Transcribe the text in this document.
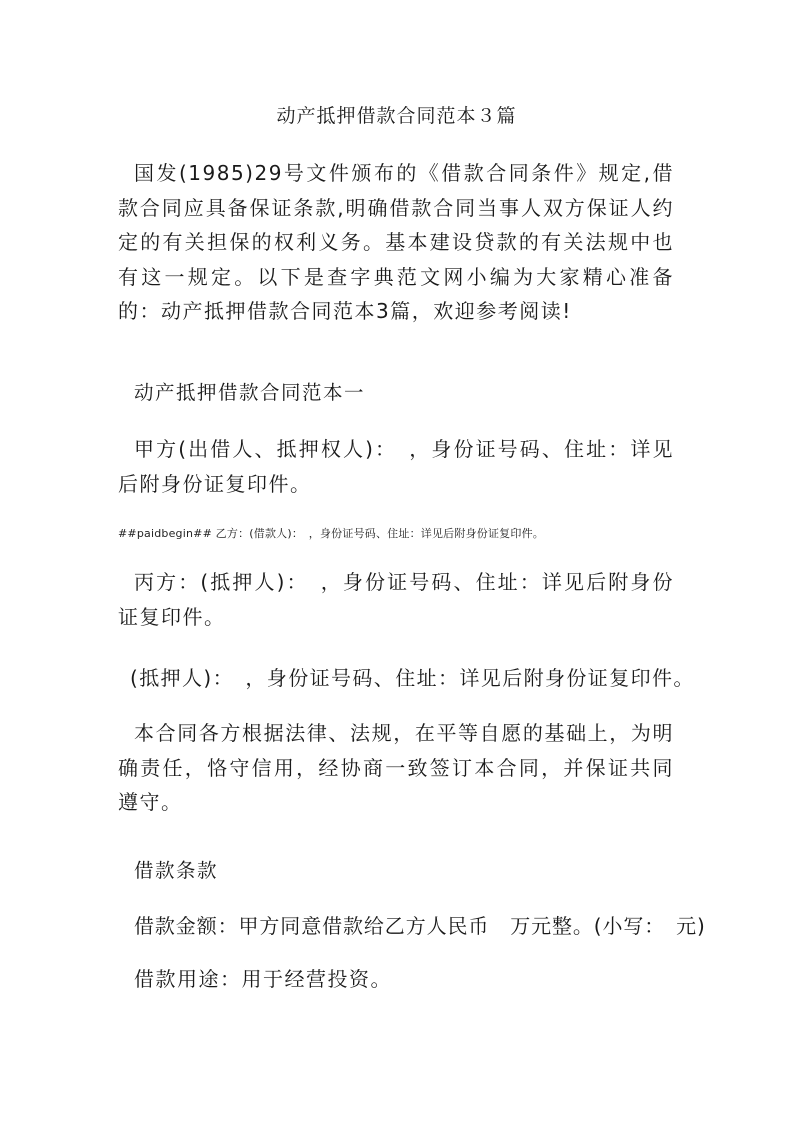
动产抵押借款合同范本３篇
国发(1985)29号文件颁布的《借款合同条件》规定,借款合同应具备保证条款,明确借款合同当事人双方保证人约定的有关担保的权利义务。基本建设贷款的有关法规中也有这一规定。以下是查字典范文网小编为大家精心准备的：动产抵押借款合同范本3篇，欢迎参考阅读!
动产抵押借款合同范本一
甲方(出借人、抵押权人)：　，身份证号码、住址：详见后附身份证复印件。
##paidbegin## 乙方：(借款人)：　，身份证号码、住址：详见后附身份证复印件。
丙方：(抵押人)：　，身份证号码、住址：详见后附身份证复印件。
(抵押人)：　，身份证号码、住址：详见后附身份证复印件。
本合同各方根据法律、法规，在平等自愿的基础上，为明确责任，恪守信用，经协商一致签订本合同，并保证共同遵守。
借款条款
借款金额：甲方同意借款给乙方人民币　万元整。(小写：　元)
借款用途：用于经营投资。
